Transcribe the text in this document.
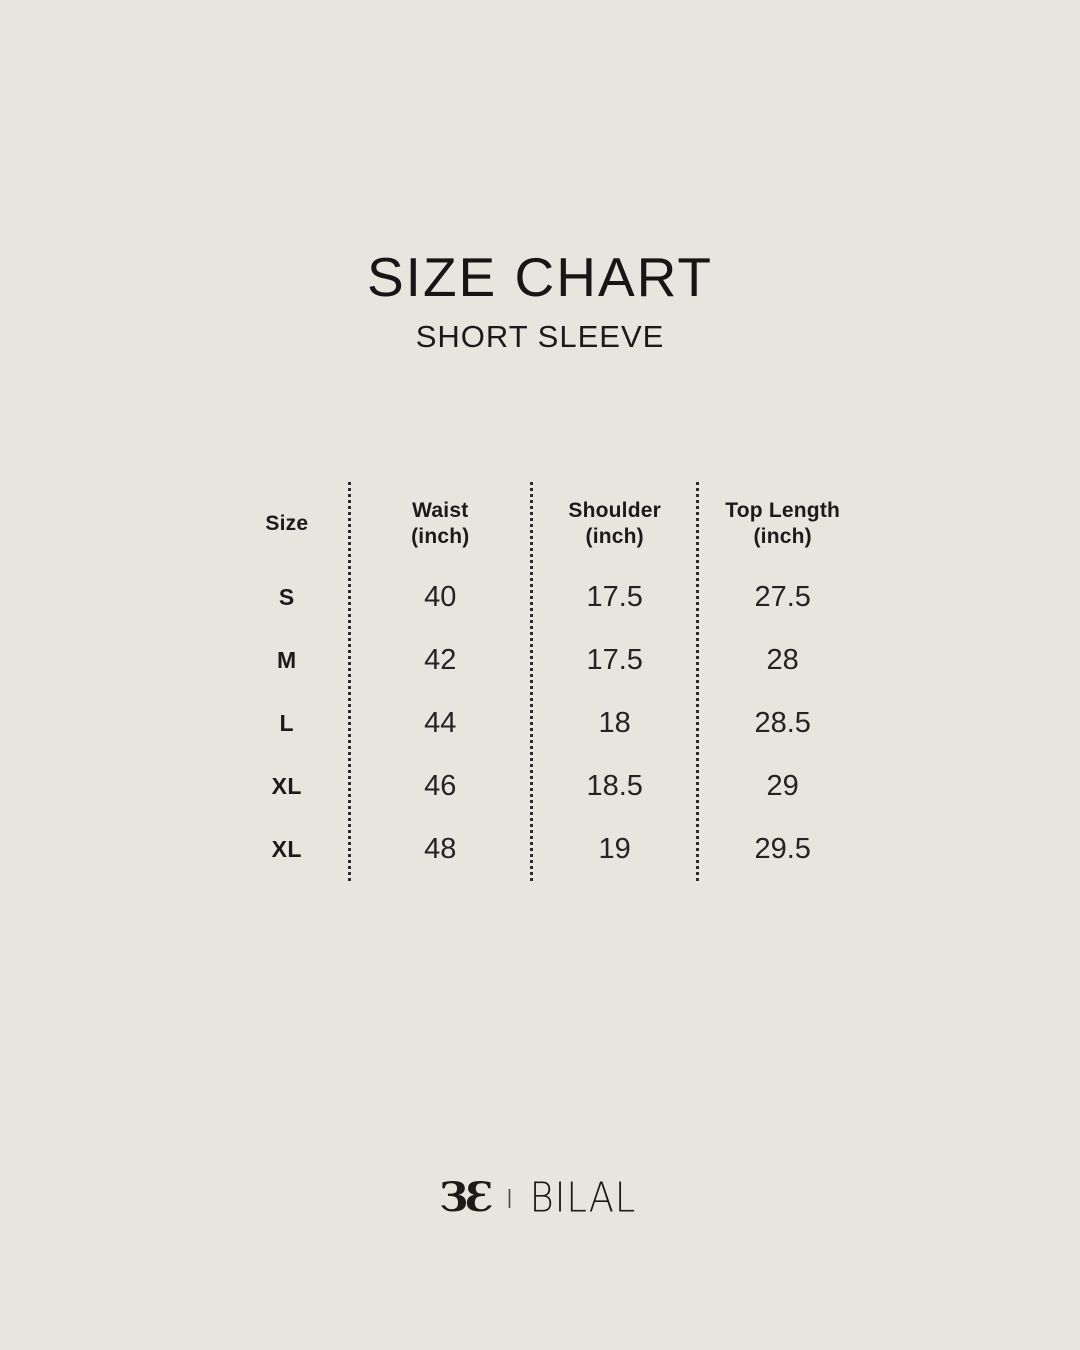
SIZE CHART
SHORT SLEEVE
Size
S
M
L
XL
XL
Waist
(inch)
40
42
44
46
48
Shoulder
(inch)
17.5
17.5
18
18.5
19
Top Length
(inch)
27.5
28
28.5
29
29.5
Ɛ
Ɛ | BILAL
